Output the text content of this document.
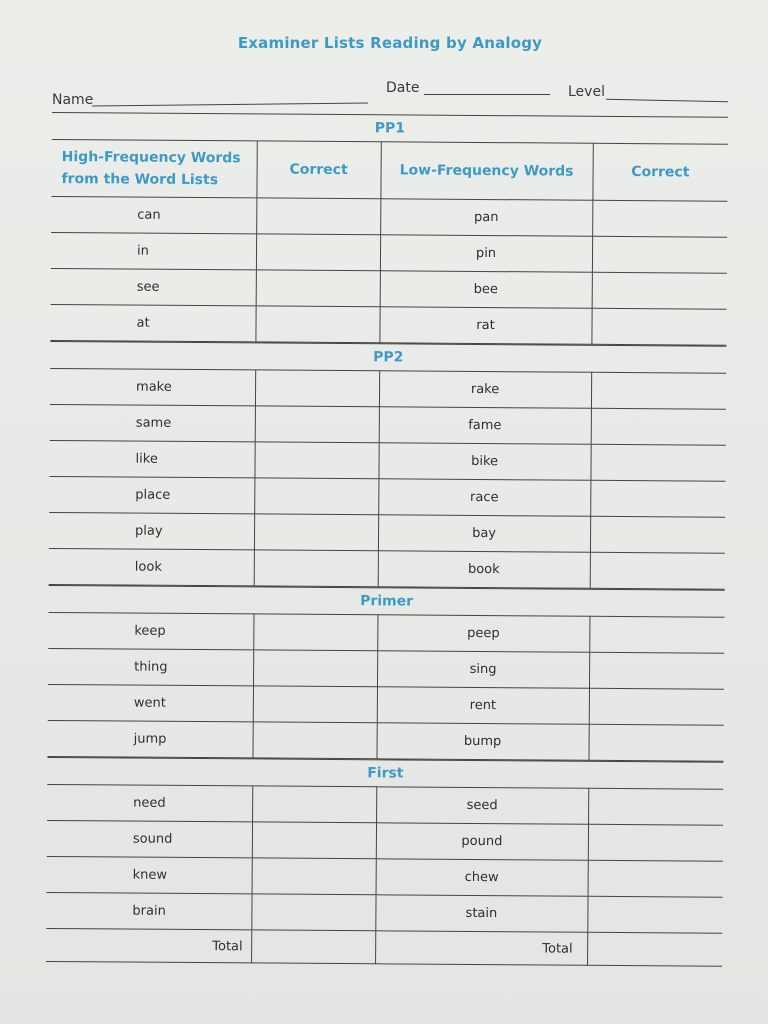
Examiner Lists Reading by Analogy
Name
Date	Level
PP1
High-Frequency Words from the Word Lists	Correct	Low-Frequency Words	Correct
can		pan	
in		pin	
see		bee	
at		rat	
PP2
make		rake	
same		fame	
like		bike	
place		race	
play		bay	
look		book	
Primer
keep		peep	
thing		sing	
went		rent	
jump		bump	
First
need		seed	
sound		pound	
knew		chew	
brain		stain	
Total		Total	
